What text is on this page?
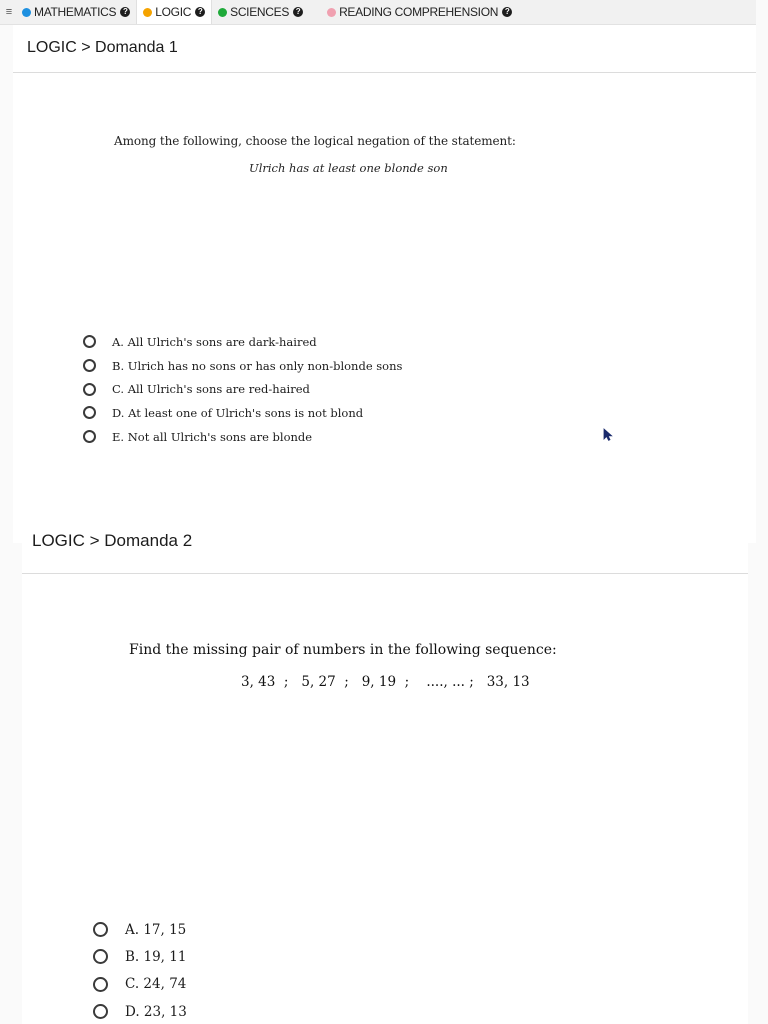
≡	MATHEMATICS ? LOGIC ? SCIENCES ?	READING COMPREHENSION ?
LOGIC > Domanda 1
Among the following, choose the logical negation of the statement:
Ulrich has at least one blonde son
A. All Ulrich's sons are dark-haired
B. Ulrich has no sons or has only non-blonde sons
C. All Ulrich's sons are red-haired
D. At least one of Ulrich's sons is not blond
E. Not all Ulrich's sons are blonde
LOGIC > Domanda 2
Find the missing pair of numbers in the following sequence:
3, 43  ;   5, 27  ;   9, 19  ;    ...., ... ;   33, 13
A. 17, 15
B. 19, 11
C. 24, 74
D. 23, 13
